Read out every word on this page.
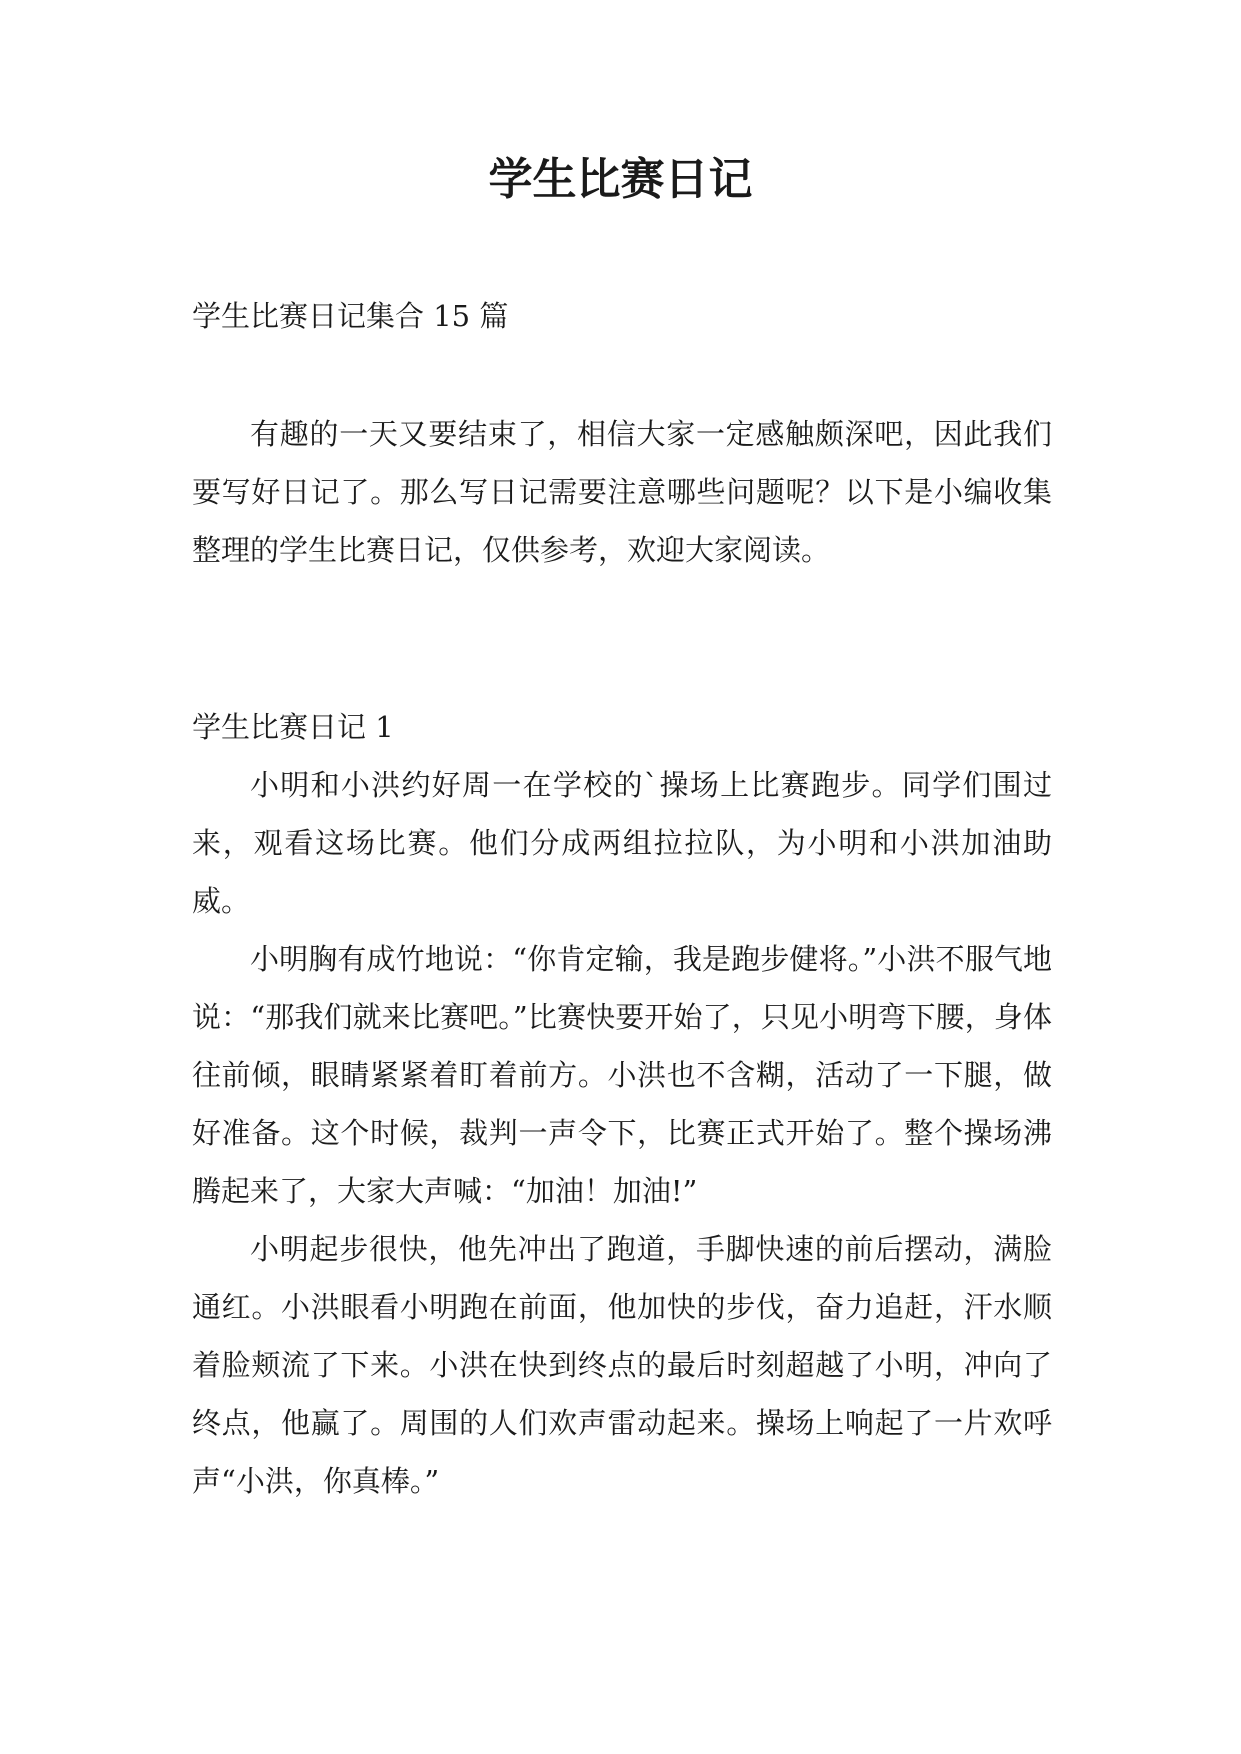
学生比赛日记

学生比赛日记集合 15 篇

有趣的一天又要结束了，相信大家一定感触颇深吧，因此我们要写好日记了。那么写日记需要注意哪些问题呢？以下是小编收集整理的学生比赛日记，仅供参考，欢迎大家阅读。

学生比赛日记 1

小明和小洪约好周一在学校的`操场上比赛跑步。同学们围过来，观看这场比赛。他们分成两组拉拉队，为小明和小洪加油助威。

小明胸有成竹地说：“你肯定输，我是跑步健将。”小洪不服气地说：“那我们就来比赛吧。”比赛快要开始了，只见小明弯下腰，身体往前倾，眼睛紧紧着盯着前方。小洪也不含糊，活动了一下腿，做好准备。这个时候，裁判一声令下，比赛正式开始了。整个操场沸腾起来了，大家大声喊：“加油！加油!”

小明起步很快，他先冲出了跑道，手脚快速的前后摆动，满脸通红。小洪眼看小明跑在前面，他加快的步伐，奋力追赶，汗水顺着脸颊流了下来。小洪在快到终点的最后时刻超越了小明，冲向了终点，他赢了。周围的人们欢声雷动起来。操场上响起了一片欢呼声“小洪，你真棒。”
